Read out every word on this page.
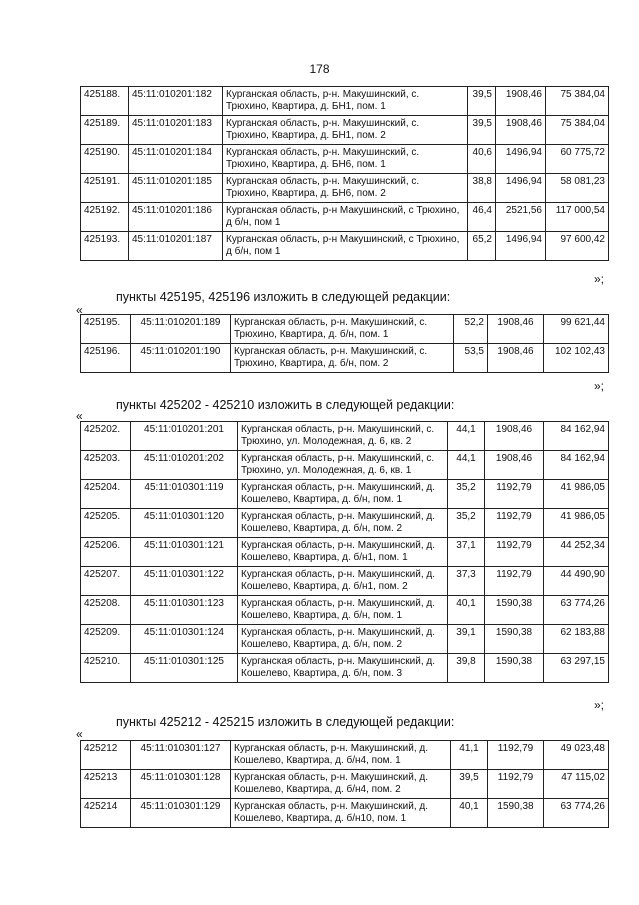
178
425188.	45:11:010201:182	Курганская область, р-н. Макушинский, с. Трюхино, Квартира, д. БН1, пом. 1	39,5	1908,46	75 384,04
425189.	45:11:010201:183	Курганская область, р-н. Макушинский, с. Трюхино, Квартира, д. БН1, пом. 2	39,5	1908,46	75 384,04
425190.	45:11:010201:184	Курганская область, р-н. Макушинский, с. Трюхино, Квартира, д. БН6, пом. 1	40,6	1496,94	60 775,72
425191.	45:11:010201:185	Курганская область, р-н. Макушинский, с. Трюхино, Квартира, д. БН6, пом. 2	38,8	1496,94	58 081,23
425192.	45:11:010201:186	Курганская область, р-н Макушинский, с Трюхино, д б/н, пом 1	46,4	2521,56	117 000,54
425193.	45:11:010201:187	Курганская область, р-н Макушинский, с Трюхино, д б/н, пом 1	65,2	1496,94	97 600,42
»;
пункты 425195, 425196 изложить в следующей редакции:
«
425195.	45:11:010201:189	Курганская область, р-н. Макушинский, с. Трюхино, Квартира, д. б/н, пом. 1	52,2	1908,46	99 621,44
425196.	45:11:010201:190	Курганская область, р-н. Макушинский, с. Трюхино, Квартира, д. б/н, пом. 2	53,5	1908,46	102 102,43
»;
пункты 425202 - 425210 изложить в следующей редакции:
«
425202.	45:11:010201:201	Курганская область, р-н. Макушинский, с. Трюхино, ул. Молодежная, д. 6, кв. 2	44,1	1908,46	84 162,94
425203.	45:11:010201:202	Курганская область, р-н. Макушинский, с. Трюхино, ул. Молодежная, д. 6, кв. 1	44,1	1908,46	84 162,94
425204.	45:11:010301:119	Курганская область, р-н. Макушинский, д. Кошелево, Квартира, д. б/н, пом. 1	35,2	1192,79	41 986,05
425205.	45:11:010301:120	Курганская область, р-н. Макушинский, д. Кошелево, Квартира, д. б/н, пом. 2	35,2	1192,79	41 986,05
425206.	45:11:010301:121	Курганская область, р-н. Макушинский, д. Кошелево, Квартира, д. б/н1, пом. 1	37,1	1192,79	44 252,34
425207.	45:11:010301:122	Курганская область, р-н. Макушинский, д. Кошелево, Квартира, д. б/н1, пом. 2	37,3	1192,79	44 490,90
425208.	45:11:010301:123	Курганская область, р-н. Макушинский, д. Кошелево, Квартира, д. б/н, пом. 1	40,1	1590,38	63 774,26
425209.	45:11:010301:124	Курганская область, р-н. Макушинский, д. Кошелево, Квартира, д. б/н, пом. 2	39,1	1590,38	62 183,88
425210.	45:11:010301:125	Курганская область, р-н. Макушинский, д. Кошелево, Квартира, д. б/н, пом. 3	39,8	1590,38	63 297,15
»;
пункты 425212 - 425215 изложить в следующей редакции:
«
425212	45:11:010301:127	Курганская область, р-н. Макушинский, д. Кошелево, Квартира, д. б/н4, пом. 1	41,1	1192,79	49 023,48
425213	45:11:010301:128	Курганская область, р-н. Макушинский, д. Кошелево, Квартира, д. б/н4, пом. 2	39,5	1192,79	47 115,02
425214	45:11:010301:129	Курганская область, р-н. Макушинский, д. Кошелево, Квартира, д. б/н10, пом. 1	40,1	1590,38	63 774,26
